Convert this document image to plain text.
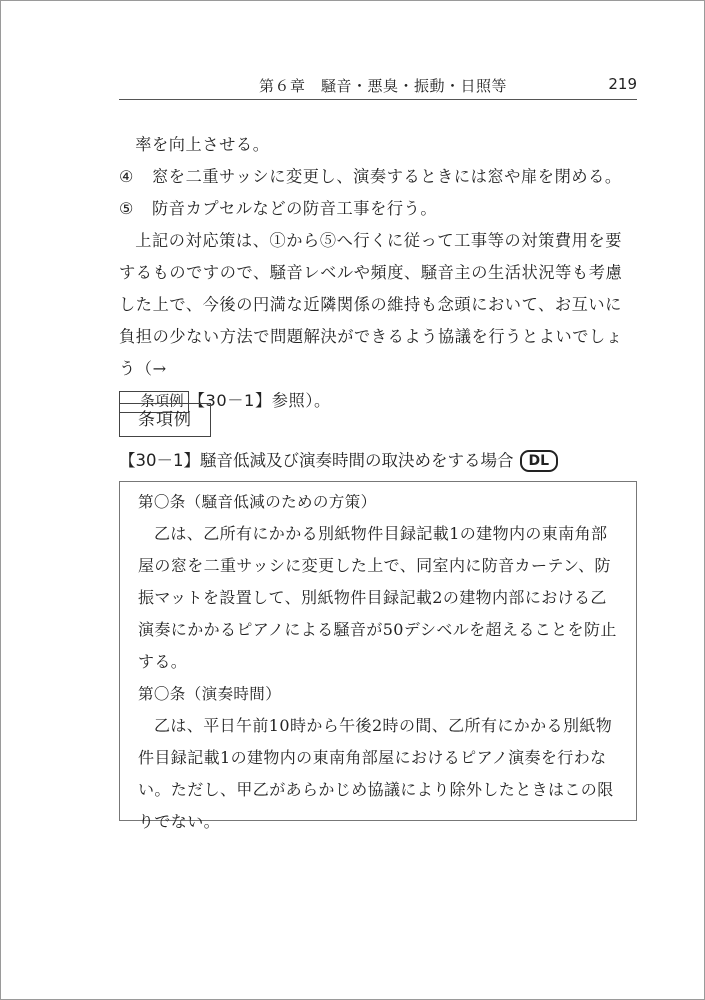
第６章　騒音・悪臭・振動・日照等	219

率を向上させる。

④	窓を二重サッシに変更し、演奏するときには窓や扉を閉める。
⑤	防音カプセルなどの防音工事を行う。

上記の対応策は、①から⑤へ行くに従って工事等の対策費用を要するものですので、騒音レベルや頻度、騒音主の生活状況等も考慮した上で、今後の円満な近隣関係の維持も念頭において、お互いに負担の少ない方法で問題解決ができるよう協議を行うとよいでしょう（→
条項例 【30－1】参照）。

条項例
【30－1】騒音低減及び演奏時間の取決めをする場合 DL

第〇条（騒音低減のための方策）

乙は、乙所有にかかる別紙物件目録記載1の建物内の東南角部屋の窓を二重サッシに変更した上で、同室内に防音カーテン、防振マットを設置して、別紙物件目録記載2の建物内部における乙演奏にかかるピアノによる騒音が50デシベルを超えることを防止する。

第〇条（演奏時間）

乙は、平日午前10時から午後2時の間、乙所有にかかる別紙物件目録記載1の建物内の東南角部屋におけるピアノ演奏を行わない。ただし、甲乙があらかじめ協議により除外したときはこの限りでない。
